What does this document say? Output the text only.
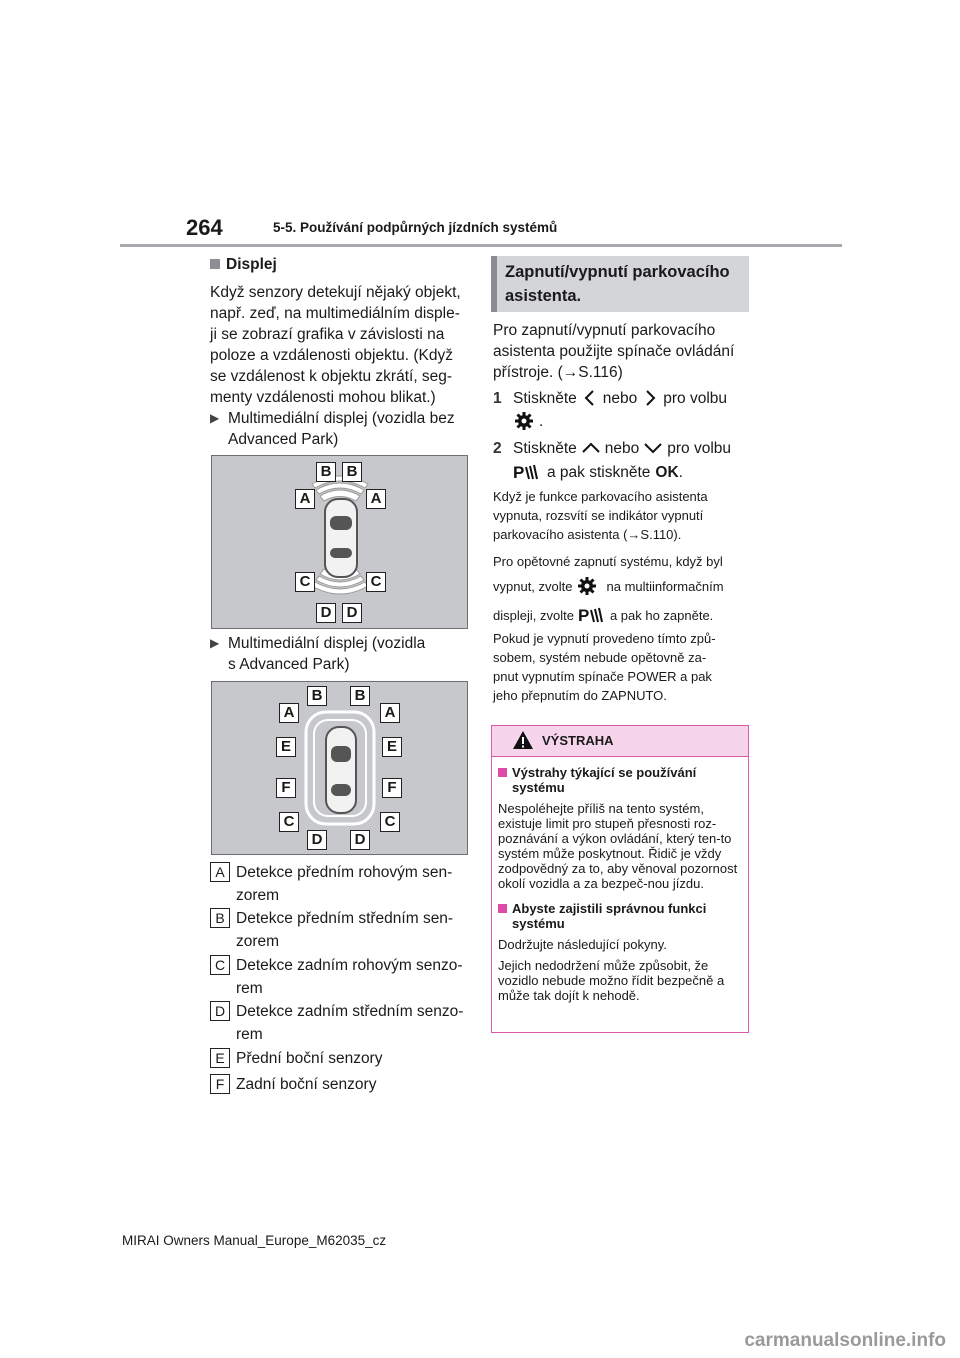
264	5-5. Používání podpůrných jízdních systémů
Displej
Když senzory detekují nějaký objekt,
např. zeď, na multimediálním disple-
ji se zobrazí grafika v závislosti na
poloze a vzdálenosti objektu. (Když
se vzdálenost k objektu zkrátí, seg-
menty vzdálenosti mohou blikat.)
▶ Multimediální displej (vozidla bez
Advanced Park)
B	B
A	A
C	C
D	D
▶ Multimediální displej (vozidla
s Advanced Park)
B	B
A	A
E	E
F	F
C	C
D	D
A Detekce předním rohovým sen-
zorem
B Detekce předním středním sen-
zorem
C Detekce zadním rohovým senzo-
rem
D Detekce zadním středním senzo-
rem
E Přední boční senzory
F Zadní boční senzory
Zapnutí/vypnutí parkovacího
asistenta.
Pro zapnutí/vypnutí parkovacího
asistenta použijte spínače ovládání
přístroje. (→S.116)
1 Stiskněte nebo pro volbu
.
2 Stiskněte nebo pro volbu
P a pak stiskněte OK .
Když je funkce parkovacího asistenta
vypnuta, rozsvítí se indikátor vypnutí
parkovacího asistenta (→S.110).
Pro opětovné zapnutí systému, když byl
vypnut, zvolte	na multiinformačním
displeji, zvolte P a pak ho zapněte.
Pokud je vypnutí provedeno tímto způ-
sobem, systém nebude opětovně za-
pnut vypnutím spínače POWER a pak
jeho přepnutím do ZAPNUTO.
VÝSTRAHA
Výstrahy týkající se používání
systému

Nespoléhejte příliš na tento systém, existuje limit pro stupeň přesnosti roz-poznávání a výkon ovládání, který ten-to systém může poskytnout. Řidič je vždy zodpovědný za to, aby věnoval pozornost okolí vozidla a za bezpeč-nou jízdu.

Abyste zajistili správnou funkci
systému

Dodržujte následující pokyny.

Jejich nedodržení může způsobit, že vozidlo nebude možno řídit bezpečně a může tak dojít k nehodě.

MIRAI Owners Manual_Europe_M62035_cz
carmanualsonline.info
